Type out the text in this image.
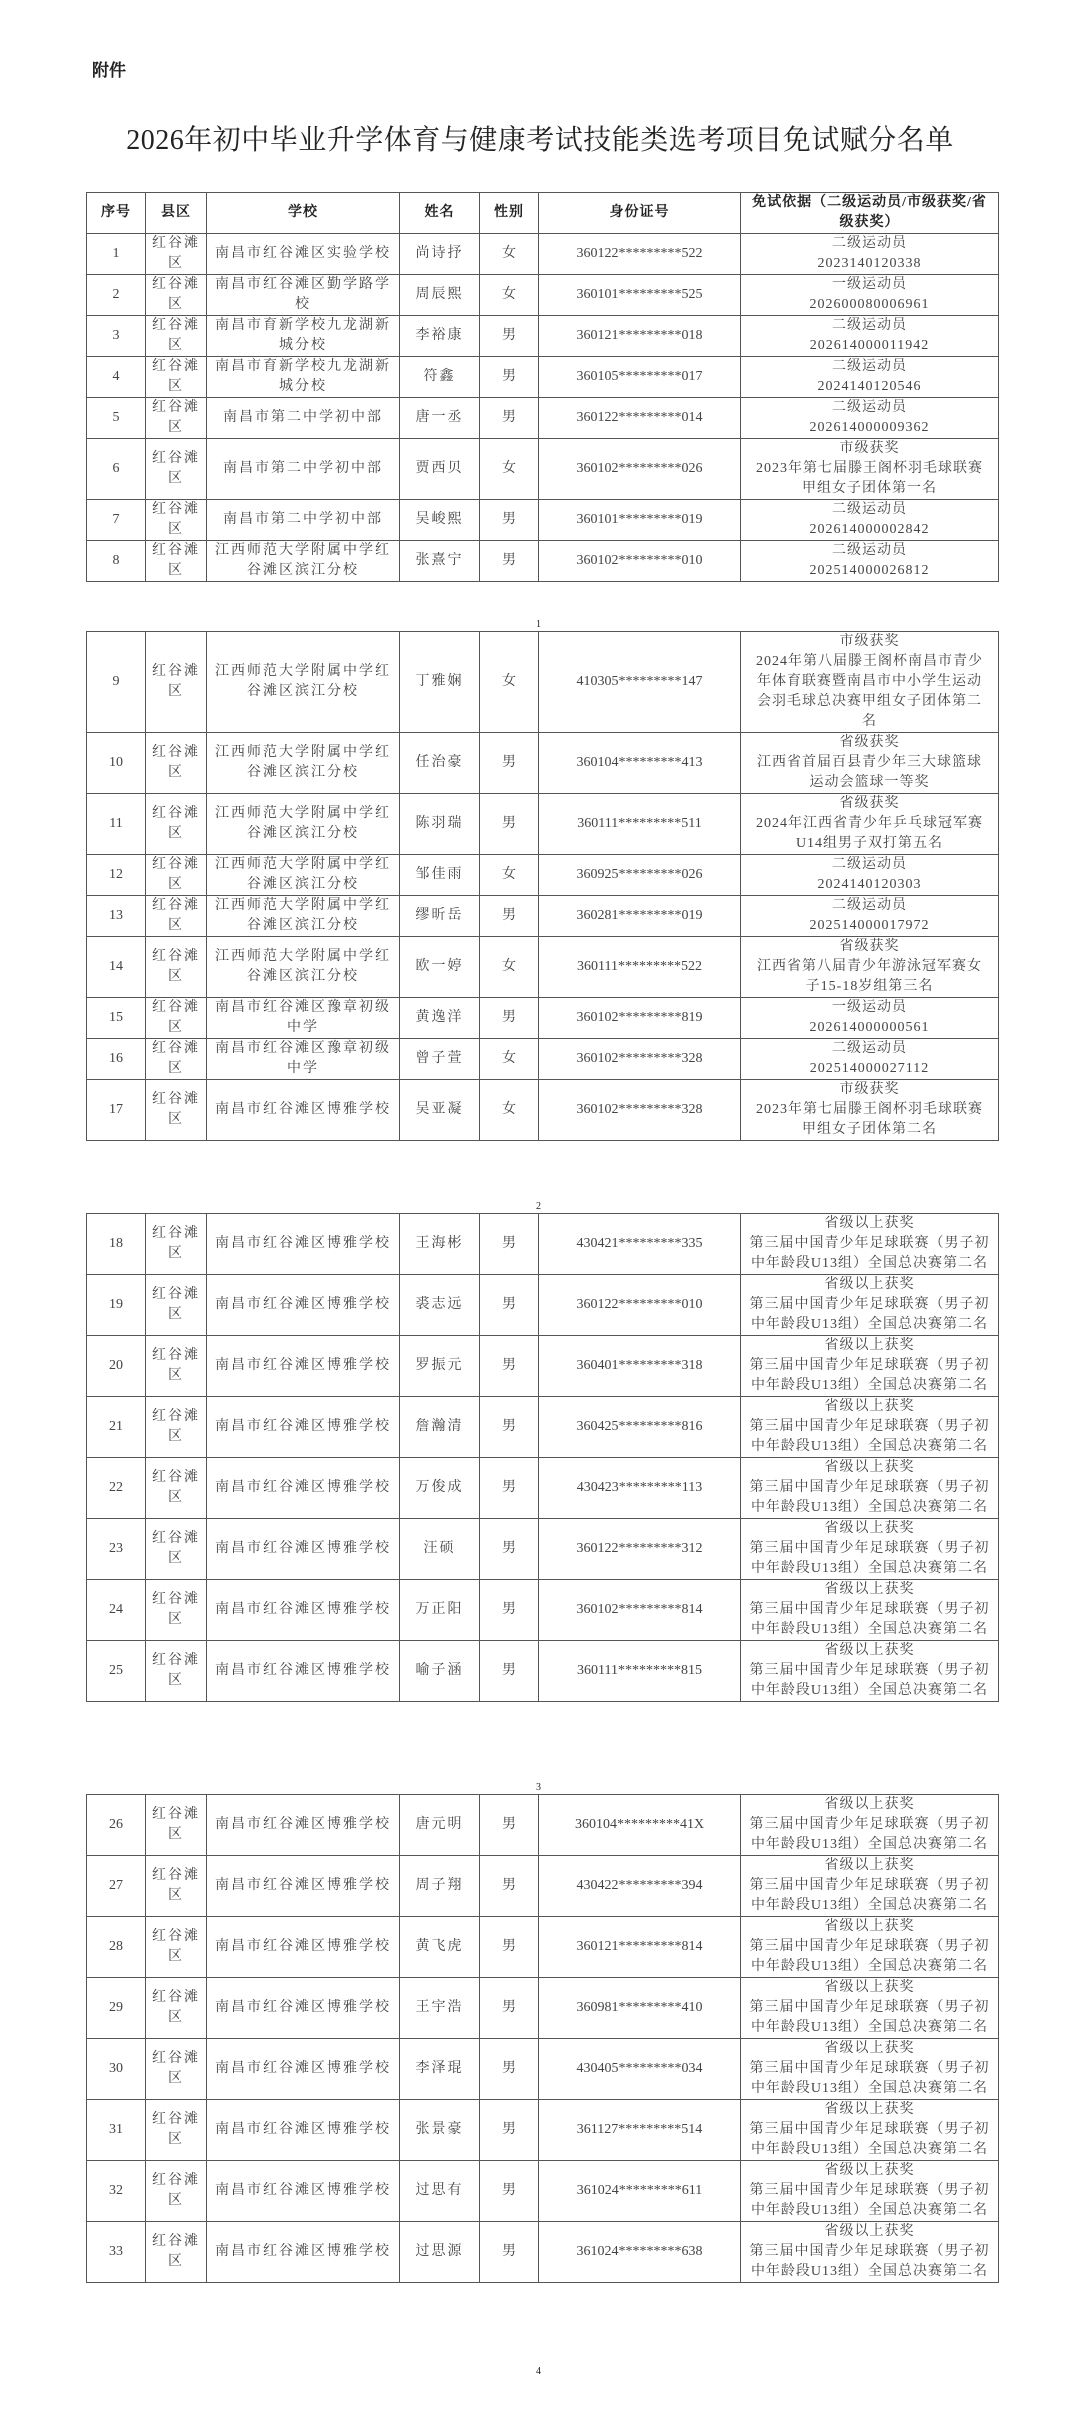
附件
2026年初中毕业升学体育与健康考试技能类选考项目免试赋分名单
序号	县区	学校	姓名	性别	身份证号	免试依据（二级运动员/市级获奖/省级获奖）
1	红谷滩区	南昌市红谷滩区实验学校	尚诗抒	女	360122*********522	二级运动员
2023140120338

2	红谷滩区	南昌市红谷滩区勤学路学校	周辰熙	女	360101*********525	一级运动员
202600080006961

3	红谷滩区	南昌市育新学校九龙湖新城分校	李裕康	男	360121*********018	二级运动员
202614000011942

4	红谷滩区	南昌市育新学校九龙湖新城分校	符鑫	男	360105*********017	二级运动员
2024140120546

5	红谷滩区	南昌市第二中学初中部	唐一丞	男	360122*********014	二级运动员
202614000009362

6	红谷滩区	南昌市第二中学初中部	贾西贝	女	360102*********026	市级获奖
2023年第七届滕王阁杯羽毛球联赛
甲组女子团体第一名

7	红谷滩区	南昌市第二中学初中部	吴峻熙	男	360101*********019	二级运动员
202614000002842

8	红谷滩区	江西师范大学附属中学红谷滩区滨江分校	张熹宁	男	360102*********010	二级运动员
202514000026812
1
9	红谷滩区	江西师范大学附属中学红谷滩区滨江分校	丁雅娴	女	410305*********147	市级获奖
2024年第八届滕王阁杯南昌市青少
年体育联赛暨南昌市中小学生运动
会羽毛球总决赛甲组女子团体第二
名

10	红谷滩区	江西师范大学附属中学红谷滩区滨江分校	任治豪	男	360104*********413	省级获奖
江西省首届百县青少年三大球篮球
运动会篮球一等奖

11	红谷滩区	江西师范大学附属中学红谷滩区滨江分校	陈羽瑞	男	360111*********511	省级获奖
2024年江西省青少年乒乓球冠军赛
U14组男子双打第五名

12	红谷滩区	江西师范大学附属中学红谷滩区滨江分校	邹佳雨	女	360925*********026	二级运动员
2024140120303

13	红谷滩区	江西师范大学附属中学红谷滩区滨江分校	缪昕岳	男	360281*********019	二级运动员
202514000017972

14	红谷滩区	江西师范大学附属中学红谷滩区滨江分校	欧一婷	女	360111*********522	省级获奖
江西省第八届青少年游泳冠军赛女
子15-18岁组第三名

15	红谷滩区	南昌市红谷滩区豫章初级中学	黄逸洋	男	360102*********819	一级运动员
202614000000561

16	红谷滩区	南昌市红谷滩区豫章初级中学	曾子萱	女	360102*********328	二级运动员
202514000027112

17	红谷滩区	南昌市红谷滩区博雅学校	吴亚凝	女	360102*********328	市级获奖
2023年第七届滕王阁杯羽毛球联赛
甲组女子团体第二名
2
18	红谷滩区	南昌市红谷滩区博雅学校	王海彬	男	430421*********335	省级以上获奖
第三届中国青少年足球联赛（男子初
中年龄段U13组）全国总决赛第二名

19	红谷滩区	南昌市红谷滩区博雅学校	裘志远	男	360122*********010	省级以上获奖
第三届中国青少年足球联赛（男子初
中年龄段U13组）全国总决赛第二名

20	红谷滩区	南昌市红谷滩区博雅学校	罗振元	男	360401*********318	省级以上获奖
第三届中国青少年足球联赛（男子初
中年龄段U13组）全国总决赛第二名

21	红谷滩区	南昌市红谷滩区博雅学校	詹瀚清	男	360425*********816	省级以上获奖
第三届中国青少年足球联赛（男子初
中年龄段U13组）全国总决赛第二名

22	红谷滩区	南昌市红谷滩区博雅学校	万俊成	男	430423*********113	省级以上获奖
第三届中国青少年足球联赛（男子初
中年龄段U13组）全国总决赛第二名

23	红谷滩区	南昌市红谷滩区博雅学校	汪硕	男	360122*********312	省级以上获奖
第三届中国青少年足球联赛（男子初
中年龄段U13组）全国总决赛第二名

24	红谷滩区	南昌市红谷滩区博雅学校	万正阳	男	360102*********814	省级以上获奖
第三届中国青少年足球联赛（男子初
中年龄段U13组）全国总决赛第二名

25	红谷滩区	南昌市红谷滩区博雅学校	喻子涵	男	360111*********815	省级以上获奖
第三届中国青少年足球联赛（男子初
中年龄段U13组）全国总决赛第二名
3
26	红谷滩区	南昌市红谷滩区博雅学校	唐元明	男	360104*********41X	省级以上获奖
第三届中国青少年足球联赛（男子初
中年龄段U13组）全国总决赛第二名

27	红谷滩区	南昌市红谷滩区博雅学校	周子翔	男	430422*********394	省级以上获奖
第三届中国青少年足球联赛（男子初
中年龄段U13组）全国总决赛第二名

28	红谷滩区	南昌市红谷滩区博雅学校	黄飞虎	男	360121*********814	省级以上获奖
第三届中国青少年足球联赛（男子初
中年龄段U13组）全国总决赛第二名

29	红谷滩区	南昌市红谷滩区博雅学校	王宇浩	男	360981*********410	省级以上获奖
第三届中国青少年足球联赛（男子初
中年龄段U13组）全国总决赛第二名

30	红谷滩区	南昌市红谷滩区博雅学校	李泽琨	男	430405*********034	省级以上获奖
第三届中国青少年足球联赛（男子初
中年龄段U13组）全国总决赛第二名

31	红谷滩区	南昌市红谷滩区博雅学校	张景豪	男	361127*********514	省级以上获奖
第三届中国青少年足球联赛（男子初
中年龄段U13组）全国总决赛第二名

32	红谷滩区	南昌市红谷滩区博雅学校	过思有	男	361024*********611	省级以上获奖
第三届中国青少年足球联赛（男子初
中年龄段U13组）全国总决赛第二名

33	红谷滩区	南昌市红谷滩区博雅学校	过思源	男	361024*********638	省级以上获奖
第三届中国青少年足球联赛（男子初
中年龄段U13组）全国总决赛第二名
4
